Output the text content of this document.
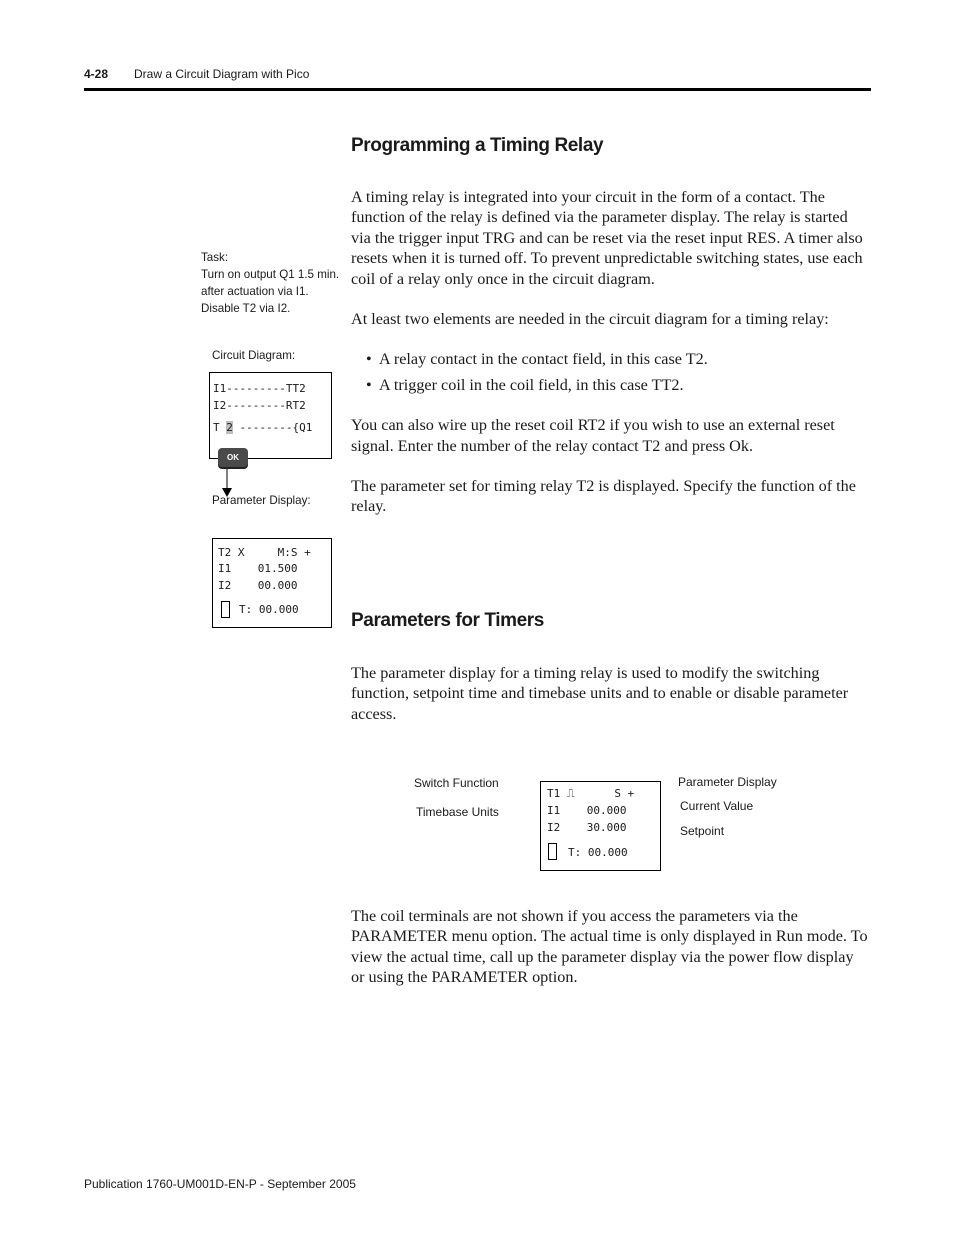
4-28 Draw a Circuit Diagram with Pico
Programming a Timing Relay

A timing relay is integrated into your circuit in the form of a contact. The function of the relay is defined via the parameter display. The relay is started via the trigger input TRG and can be reset via the reset input RES. A timer also resets when it is turned off. To prevent unpredictable switching states, use each coil of a relay only once in the circuit diagram.

At least two elements are needed in the circuit diagram for a timing relay:

• A relay contact in the contact field, in this case T2.
• A trigger coil in the coil field, in this case TT2.

You can also wire up the reset coil RT2 if you wish to use an external reset signal. Enter the number of the relay contact T2 and press Ok.

The parameter set for timing relay T2 is displayed. Specify the function of the relay.

Task:
Turn on output Q1 1.5 min.
after actuation via I1.
Disable T2 via I2.
Circuit Diagram:
I1---------TT2
I2---------RT2
T 2 --------{Q1
OK
Parameter Display:
T2 X     M:S +
I1    01.500
I2    00.000
T: 00.000
Parameters for Timers

The parameter display for a timing relay is used to modify the switching function, setpoint time and timebase units and to enable or disable parameter access.

Switch Function
Timebase Units
Parameter Display
Current Value
Setpoint
T1 ⎍      S +
I1    00.000
I2    30.000
T: 00.000

The coil terminals are not shown if you access the parameters via the PARAMETER menu option. The actual time is only displayed in Run mode. To view the actual time, call up the parameter display via the power flow display or using the PARAMETER option.

Publication 1760-UM001D-EN-P - September 2005
